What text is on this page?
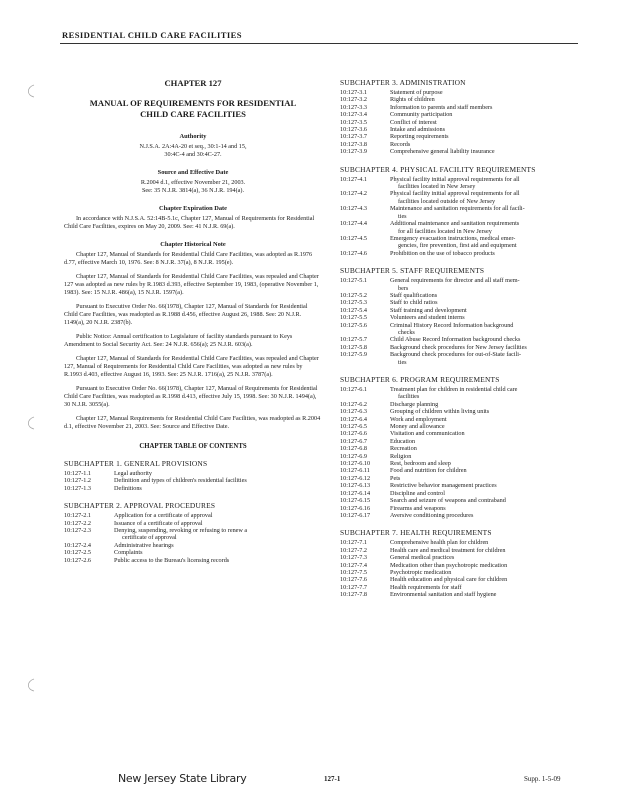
RESIDENTIAL CHILD CARE FACILITIES
CHAPTER 127
MANUAL OF REQUIREMENTS FOR RESIDENTIAL
CHILD CARE FACILITIES
Authority
N.J.S.A. 2A:4A-20 et seq., 30:1-14 and 15,
30:4C-4 and 30:4C-27.
Source and Effective Date
R.2004 d.1, effective November 21, 2003.
See: 35 N.J.R. 3814(a), 36 N.J.R. 194(a).
Chapter Expiration Date
In accordance with N.J.S.A. 52:14B-5.1c, Chapter 127, Manual of Requirements for Residential Child Care Facilities, expires on May 20, 2009. See: 41 N.J.R. 69(a).
Chapter Historical Note

Chapter 127, Manual of Standards for Residential Child Care Facilities, was adopted as R.1976 d.77, effective March 10, 1976. See: 8 N.J.R. 37(a), 8 N.J.R. 195(e).

Chapter 127, Manual of Standards for Residential Child Care Facilities, was repealed and Chapter 127 was adopted as new rules by R.1983 d.393, effective September 19, 1983, (operative November 1, 1983). See: 15 N.J.R. 486(a), 15 N.J.R. 1597(a).

Pursuant to Executive Order No. 66(1978), Chapter 127, Manual of Standards for Residential Child Care Facilities, was readopted as R.1988 d.456, effective August 26, 1988. See: 20 N.J.R. 1149(a), 20 N.J.R. 2387(b).

Public Notice: Annual certification to Legislature of facility standards pursuant to Keys Amendment to Social Security Act. See: 24 N.J.R. 656(a); 25 N.J.R. 603(a).

Chapter 127, Manual of Standards for Residential Child Care Facilities, was repealed and Chapter 127, Manual of Requirements for Residential Child Care Facilities, was adopted as new rules by R.1993 d.403, effective August 16, 1993. See: 25 N.J.R. 1716(a), 25 N.J.R. 3787(a).

Pursuant to Executive Order No. 66(1978), Chapter 127, Manual of Requirements for Residential Child Care Facilities, was readopted as R.1998 d.413, effective July 15, 1998. See: 30 N.J.R. 1494(a), 30 N.J.R. 3055(a).

Chapter 127, Manual Requirements for Residential Child Care Facilities, was readopted as R.2004 d.1, effective November 21, 2003. See: Source and Effective Date.

CHAPTER TABLE OF CONTENTS
SUBCHAPTER 1. GENERAL PROVISIONS
10:127-1.1	Legal authority
10:127-1.2	Definition and types of children's residential facilities
10:127-1.3	Definitions
SUBCHAPTER 2. APPROVAL PROCEDURES
10:127-2.1	Application for a certificate of approval
10:127-2.2	Issuance of a certificate of approval
10:127-2.3	Denying, suspending, revoking or refusing to renew a
certificate of approval

10:127-2.4	Administrative hearings
10:127-2.5	Complaints
10:127-2.6	Public access to the Bureau's licensing records
SUBCHAPTER 3. ADMINISTRATION
10:127-3.1	Statement of purpose
10:127-3.2	Rights of children
10:127-3.3	Information to parents and staff members
10:127-3.4	Community participation
10:127-3.5	Conflict of interest
10:127-3.6	Intake and admissions
10:127-3.7	Reporting requirements
10:127-3.8	Records
10:127-3.9	Comprehensive general liability insurance
SUBCHAPTER 4. PHYSICAL FACILITY REQUIREMENTS
10:127-4.1	Physical facility initial approval requirements for all
facilities located in New Jersey

10:127-4.2	Physical facility initial approval requirements for all
facilities located outside of New Jersey

10:127-4.3	Maintenance and sanitation requirements for all facili-
ties

10:127-4.4	Additional maintenance and sanitation requirements
for all facilities located in New Jersey

10:127-4.5	Emergency evacuation instructions, medical emer-
gencies, fire prevention, first aid and equipment

10:127-4.6	Prohibition on the use of tobacco products
SUBCHAPTER 5. STAFF REQUIREMENTS
10:127-5.1	General requirements for director and all staff mem-
bers

10:127-5.2	Staff qualifications
10:127-5.3	Staff to child ratios
10:127-5.4	Staff training and development
10:127-5.5	Volunteers and student interns
10:127-5.6	Criminal History Record Information background
checks

10:127-5.7	Child Abuse Record Information background checks
10:127-5.8	Background check procedures for New Jersey facilities
10:127-5.9	Background check procedures for out-of-State facili-
ties
SUBCHAPTER 6. PROGRAM REQUIREMENTS
10:127-6.1	Treatment plan for children in residential child care
facilities

10:127-6.2	Discharge planning
10:127-6.3	Grouping of children within living units
10:127-6.4	Work and employment
10:127-6.5	Money and allowance
10:127-6.6	Visitation and communication
10:127-6.7	Education
10:127-6.8	Recreation
10:127-6.9	Religion
10:127-6.10	Rest, bedroom and sleep
10:127-6.11	Food and nutrition for children
10:127-6.12	Pets
10:127-6.13	Restrictive behavior management practices
10:127-6.14	Discipline and control
10:127-6.15	Search and seizure of weapons and contraband
10:127-6.16	Firearms and weapons
10:127-6.17	Aversive conditioning procedures
SUBCHAPTER 7. HEALTH REQUIREMENTS
10:127-7.1	Comprehensive health plan for children
10:127-7.2	Health care and medical treatment for children
10:127-7.3	General medical practices
10:127-7.4	Medication other than psychotropic medication
10:127-7.5	Psychotropic medication
10:127-7.6	Health education and physical care for children
10:127-7.7	Health requirements for staff
10:127-7.8	Environmental sanitation and staff hygiene
New Jersey State Library	127-1	Supp. 1-5-09
